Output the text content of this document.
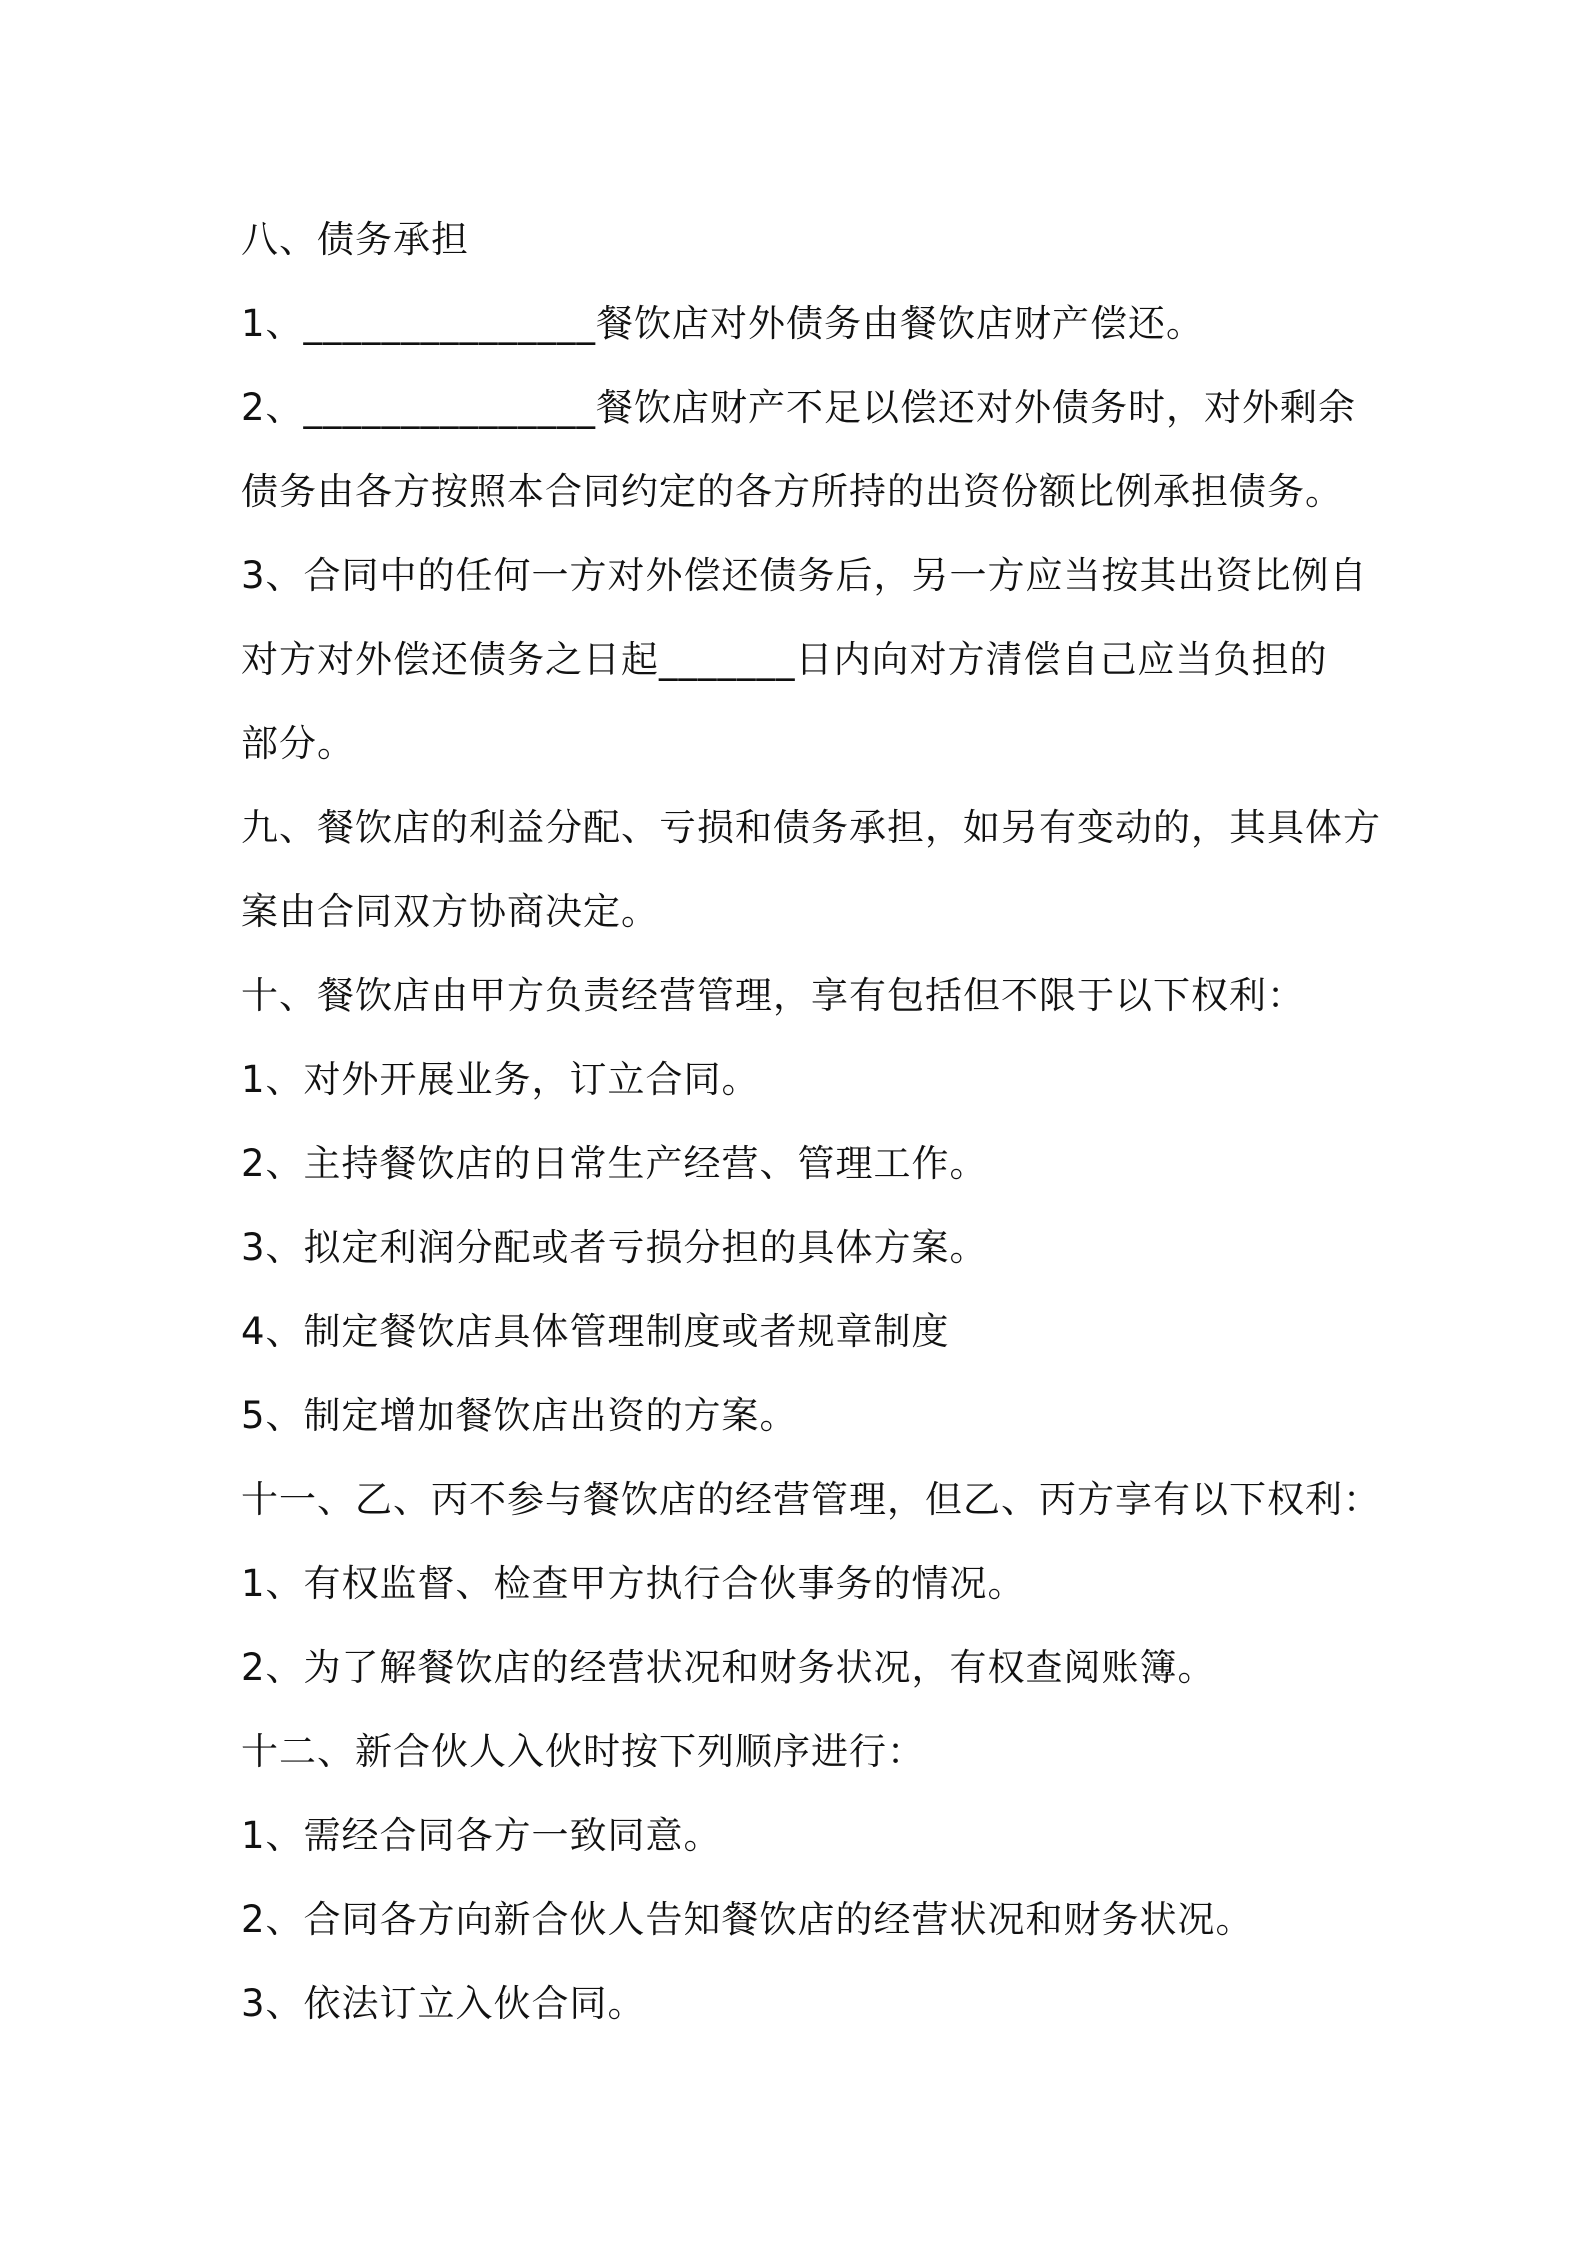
八、债务承担
1、_______________餐饮店对外债务由餐饮店财产偿还。
2、_______________餐饮店财产不足以偿还对外债务时，对外剩余
债务由各方按照本合同约定的各方所持的出资份额比例承担债务。
3、合同中的任何一方对外偿还债务后，另一方应当按其出资比例自
对方对外偿还债务之日起_______日内向对方清偿自己应当负担的
部分。
九、餐饮店的利益分配、亏损和债务承担，如另有变动的，其具体方
案由合同双方协商决定。
十、餐饮店由甲方负责经营管理，享有包括但不限于以下权利：
1、对外开展业务，订立合同。
2、主持餐饮店的日常生产经营、管理工作。
3、拟定利润分配或者亏损分担的具体方案。
4、制定餐饮店具体管理制度或者规章制度
5、制定增加餐饮店出资的方案。
十一、乙、丙不参与餐饮店的经营管理，但乙、丙方享有以下权利：
1、有权监督、检查甲方执行合伙事务的情况。
2、为了解餐饮店的经营状况和财务状况，有权查阅账簿。
十二、新合伙人入伙时按下列顺序进行：
1、需经合同各方一致同意。
2、合同各方向新合伙人告知餐饮店的经营状况和财务状况。
3、依法订立入伙合同。
